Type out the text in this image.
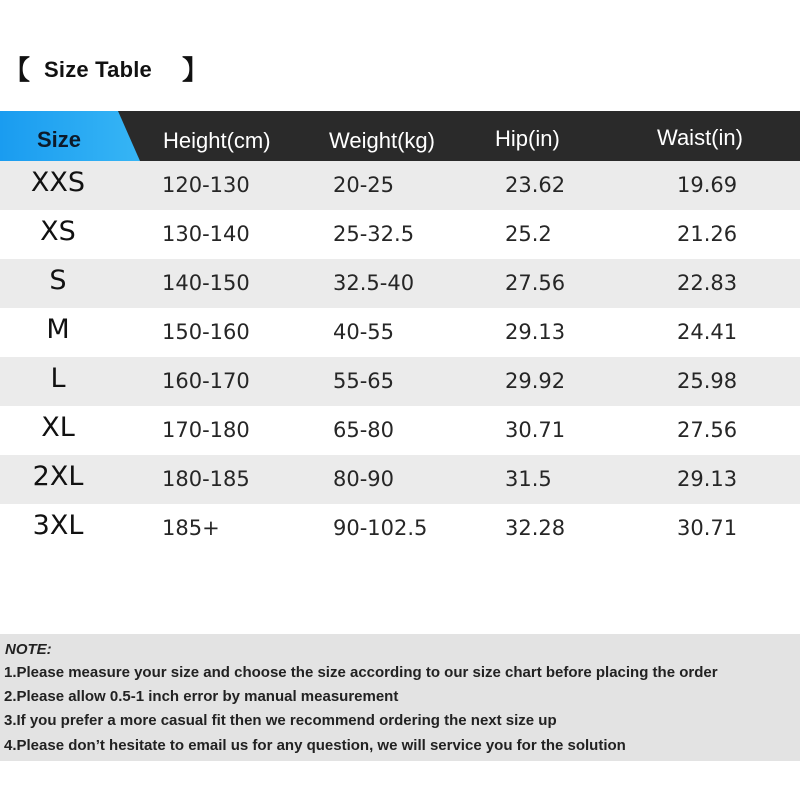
【 Size Table 】
Size	Height(cm)	Weight(kg)	Hip(in)	Waist(in)
XXS	120-130	20-25	23.62	19.69
XS	130-140	25-32.5	25.2	21.26
S	140-150	32.5-40	27.56	22.83
M	150-160	40-55	29.13	24.41
L	160-170	55-65	29.92	25.98
XL	170-180	65-80	30.71	27.56
2XL	180-185	80-90	31.5	29.13
3XL	185+	90-102.5	32.28	30.71
NOTE:
1.Please measure your size and choose the size according to our size chart before placing the order
2.Please allow 0.5-1 inch error by manual measurement
3.If you prefer a more casual fit then we recommend ordering the next size up
4.Please don’t hesitate to email us for any question, we will service you for the solution
